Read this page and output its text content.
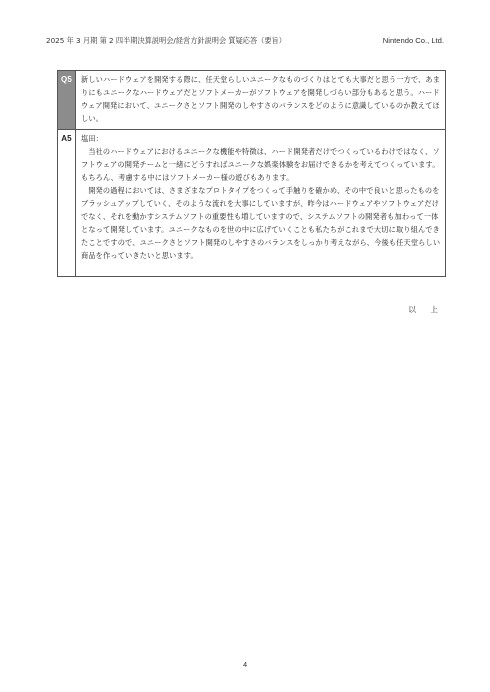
2025 年 3 月期 第 2 四半期決算説明会/経営方針説明会 質疑応答（要旨）	Nintendo Co., Ltd.
Q5	新しいハードウェアを開発する際に、任天堂らしいユニークなものづくりはとても大事だと思う一方で、あまりにもユニークなハードウェアだとソフトメーカーがソフトウェアを開発しづらい部分もあると思う。ハードウェア開発において、ユニークさとソフト開発のしやすさのバランスをどのように意識しているのか教えてほしい。
A5	塩田：

当社のハードウェアにおけるユニークな機能や特徴は、ハード開発者だけでつくっているわけではなく、ソフトウェアの開発チームと一緒にどうすればユニークな娯楽体験をお届けできるかを考えてつくっています。もちろん、考慮する中にはソフトメーカー様の遊びもあります。

開発の過程においては、さまざまなプロトタイプをつくって手触りを確かめ、その中で良いと思ったものをブラッシュアップしていく、そのような流れを大事にしていますが、昨今はハードウェアやソフトウェアだけでなく、それを動かすシステムソフトの重要性も増していますので、システムソフトの開発者も加わって一体となって開発しています。ユニークなものを世の中に広げていくことも私たちがこれまで大切に取り組んできたことですので、ユニークさとソフト開発のしやすさのバランスをしっかり考えながら、今後も任天堂らしい商品を作っていきたいと思います。

以 上
4
